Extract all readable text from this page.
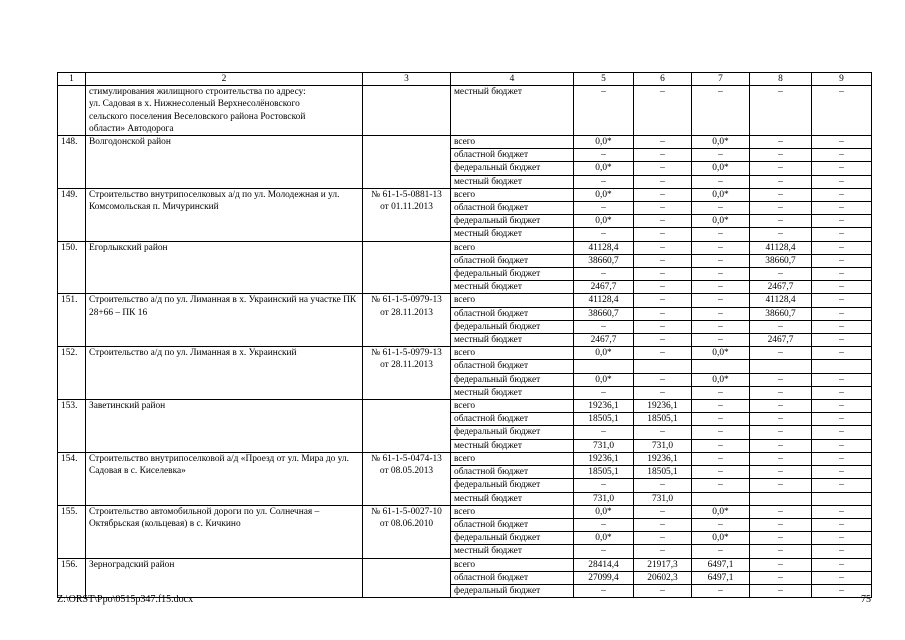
1	2	3	4	5	6	7	8	9

	стимулирования жилищного строительства по адресу:
ул. Садовая в х. Нижнесоленый Верхнесолёновского
сельского поселения Веселовского района Ростовской
области» Автодорога		местный бюджет	–	–	–	–	–
148.	Волгодонской район		всего	0,0*	–	0,0*	–	–
			областной бюджет	–	–	–	–	–
			федеральный бюджет	0,0*	–	0,0*	–	–
			местный бюджет	–	–	–	–	–
149.	Строительство внутрипоселковых а/д по ул. Молодежная и ул. Комсомольская п. Мичуринский	№ 61-1-5-0881-13 от 01.11.2013	всего	0,0*	–	0,0*	–	–
			областной бюджет	–	–	–	–	–
			федеральный бюджет	0,0*	–	0,0*	–	–
			местный бюджет	–	–	–	–	–
150.	Егорлыкский район		всего	41128,4	–	–	41128,4	–
			областной бюджет	38660,7	–	–	38660,7	–
			федеральный бюджет	–	–	–	–	–
			местный бюджет	2467,7	–	–	2467,7	–
151.	Строительство а/д по ул. Лиманная в х. Украинский на участке ПК 28+66 – ПК 16	№ 61-1-5-0979-13 от 28.11.2013	всего	41128,4	–	–	41128,4	–
			областной бюджет	38660,7	–	–	38660,7	–
			федеральный бюджет	–	–	–	–	–
			местный бюджет	2467,7	–	–	2467,7	–
152.	Строительство а/д по ул. Лиманная в х. Украинский	№ 61-1-5-0979-13 от 28.11.2013	всего	0,0*	–	0,0*	–	–
			областной бюджет					
			федеральный бюджет	0,0*	–	0,0*	–	–
			местный бюджет	–	–	–	–	–
153.	Заветинский район		всего	19236,1	19236,1	–	–	–
			областной бюджет	18505,1	18505,1	–	–	–
			федеральный бюджет	–	–	–	–	–
			местный бюджет	731,0	731,0	–	–	–
154.	Строительство внутрипоселковой а/д «Проезд от ул. Мира до ул. Садовая в с. Киселевка»	№ 61-1-5-0474-13 от 08.05.2013	всего	19236,1	19236,1	–	–	–
			областной бюджет	18505,1	18505,1	–	–	–
			федеральный бюджет	–	–	–	–	–
			местный бюджет	731,0	731,0			
155.	Строительство автомобильной дороги по ул. Солнечная – Октябрьская (кольцевая) в с. Кичкино	№ 61-1-5-0027-10 от 08.06.2010	всего	0,0*	–	0,0*	–	–
			областной бюджет	–	–	–	–	–
			федеральный бюджет	0,0*	–	0,0*	–	–
			местный бюджет	–	–	–	–	–
156.	Зерноградский район		всего	28414,4	21917,3	6497,1	–	–
			областной бюджет	27099,4	20602,3	6497,1	–	–
			федеральный бюджет	–	–	–	–	–
Z:\ORST\Ppo\0515p347.f15.docx	75
